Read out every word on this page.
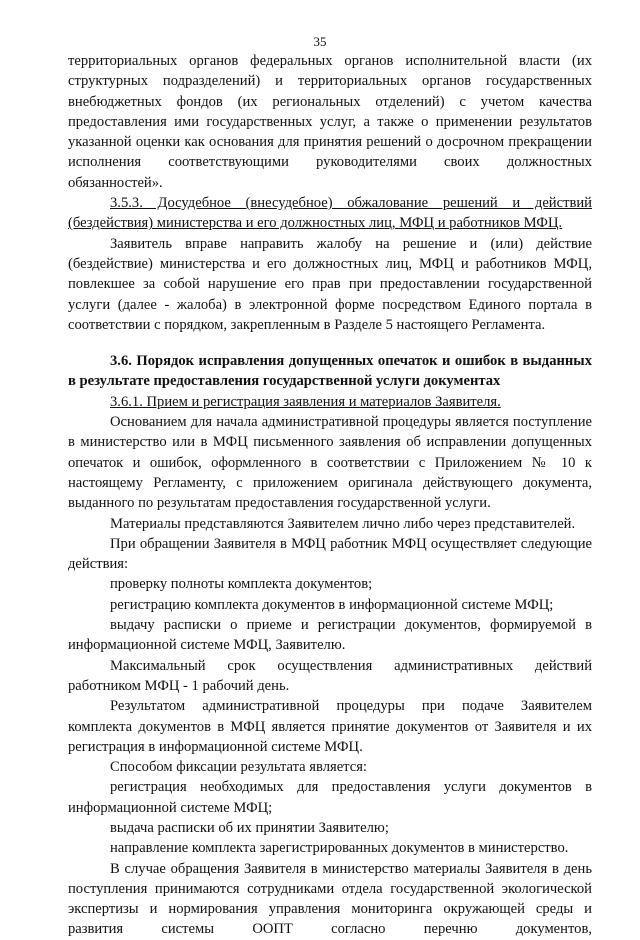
35

территориальных органов федеральных органов исполнительной власти (их структурных подразделений) и территориальных органов государственных внебюджетных фондов (их региональных отделений) с учетом качества предоставления ими государственных услуг, а также о применении результатов указанной оценки как основания для принятия решений о досрочном прекращении исполнения соответствующими руководителями своих должностных обязанностей».

3.5.3. Досудебное (внесудебное) обжалование решений и действий (бездействия) министерства и его должностных лиц, МФЦ и работников МФЦ.

Заявитель вправе направить жалобу на решение и (или) действие (бездействие) министерства и его должностных лиц, МФЦ и работников МФЦ, повлекшее за собой нарушение его прав при предоставлении государственной услуги (далее - жалоба) в электронной форме посредством Единого портала в соответствии с порядком, закрепленным в Разделе 5 настоящего Регламента.

3.6. Порядок исправления допущенных опечаток и ошибок в выданных в результате предоставления государственной услуги документах

3.6.1. Прием и регистрация заявления и материалов Заявителя.

Основанием для начала административной процедуры является поступление в министерство или в МФЦ письменного заявления об исправлении допущенных опечаток и ошибок, оформленного в соответствии с Приложением № 10 к настоящему Регламенту, с приложением оригинала действующего документа, выданного по результатам предоставления государственной услуги.

Материалы представляются Заявителем лично либо через представителей.

При обращении Заявителя в МФЦ работник МФЦ осуществляет следующие действия:

проверку полноты комплекта документов;

регистрацию комплекта документов в информационной системе МФЦ;

выдачу расписки о приеме и регистрации документов, формируемой в информационной системе МФЦ, Заявителю.

Максимальный срок осуществления административных действий работником МФЦ - 1 рабочий день.

Результатом административной процедуры при подаче Заявителем комплекта документов в МФЦ является принятие документов от Заявителя и их регистрация в информационной системе МФЦ.

Способом фиксации результата является:

регистрация необходимых для предоставления услуги документов в информационной системе МФЦ;

выдача расписки об их принятии Заявителю;

направление комплекта зарегистрированных документов в министерство.

В случае обращения Заявителя в министерство материалы Заявителя в день поступления принимаются сотрудниками отдела государственной экологической экспертизы и нормирования управления мониторинга окружающей среды и развития системы ООПТ согласно перечню документов,
